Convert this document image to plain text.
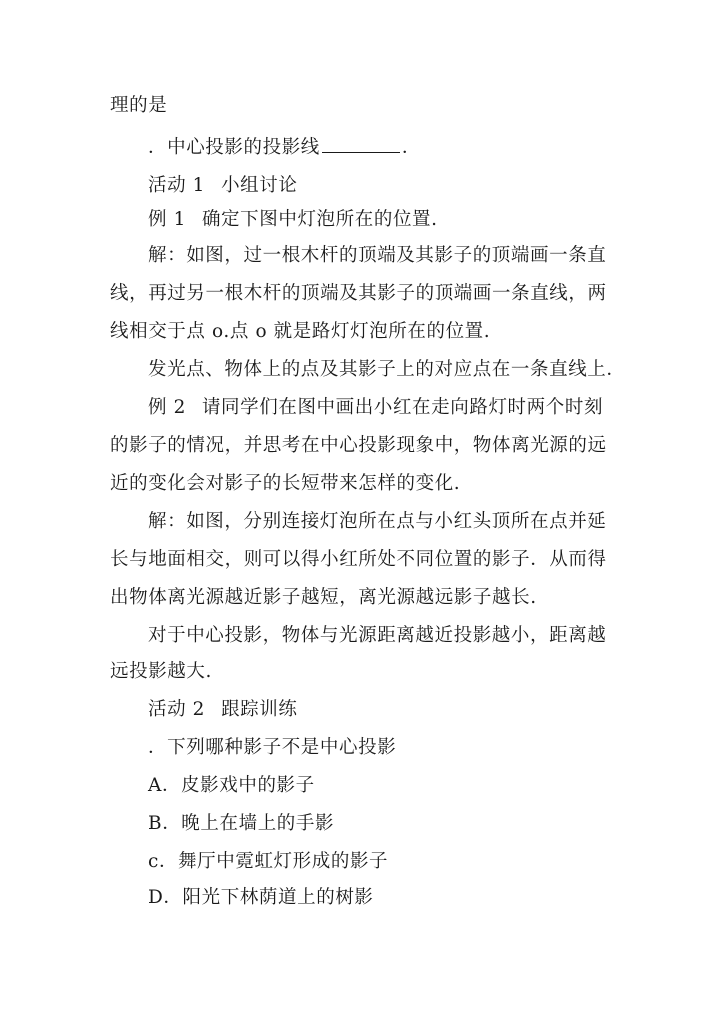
理的是
．中心投影的投影线	．
活动 1 小组讨论
例 1 确定下图中灯泡所在的位置.
解：如图，过一根木杆的顶端及其影子的顶端画一条直
线，再过另一根木杆的顶端及其影子的顶端画一条直线，两
线相交于点 o.点 o 就是路灯灯泡所在的位置.
发光点、物体上的点及其影子上的对应点在一条直线上．
例 2 请同学们在图中画出小红在走向路灯时两个时刻
的影子的情况，并思考在中心投影现象中，物体离光源的远
近的变化会对影子的长短带来怎样的变化.
解：如图，分别连接灯泡所在点与小红头顶所在点并延
长与地面相交，则可以得小红所处不同位置的影子．从而得
出物体离光源越近影子越短，离光源越远影子越长.
对于中心投影，物体与光源距离越近投影越小，距离越
远投影越大.
活动 2 跟踪训练
．下列哪种影子不是中心投影
A．皮影戏中的影子
B．晚上在墙上的手影
c．舞厅中霓虹灯形成的影子
D．阳光下林荫道上的树影
